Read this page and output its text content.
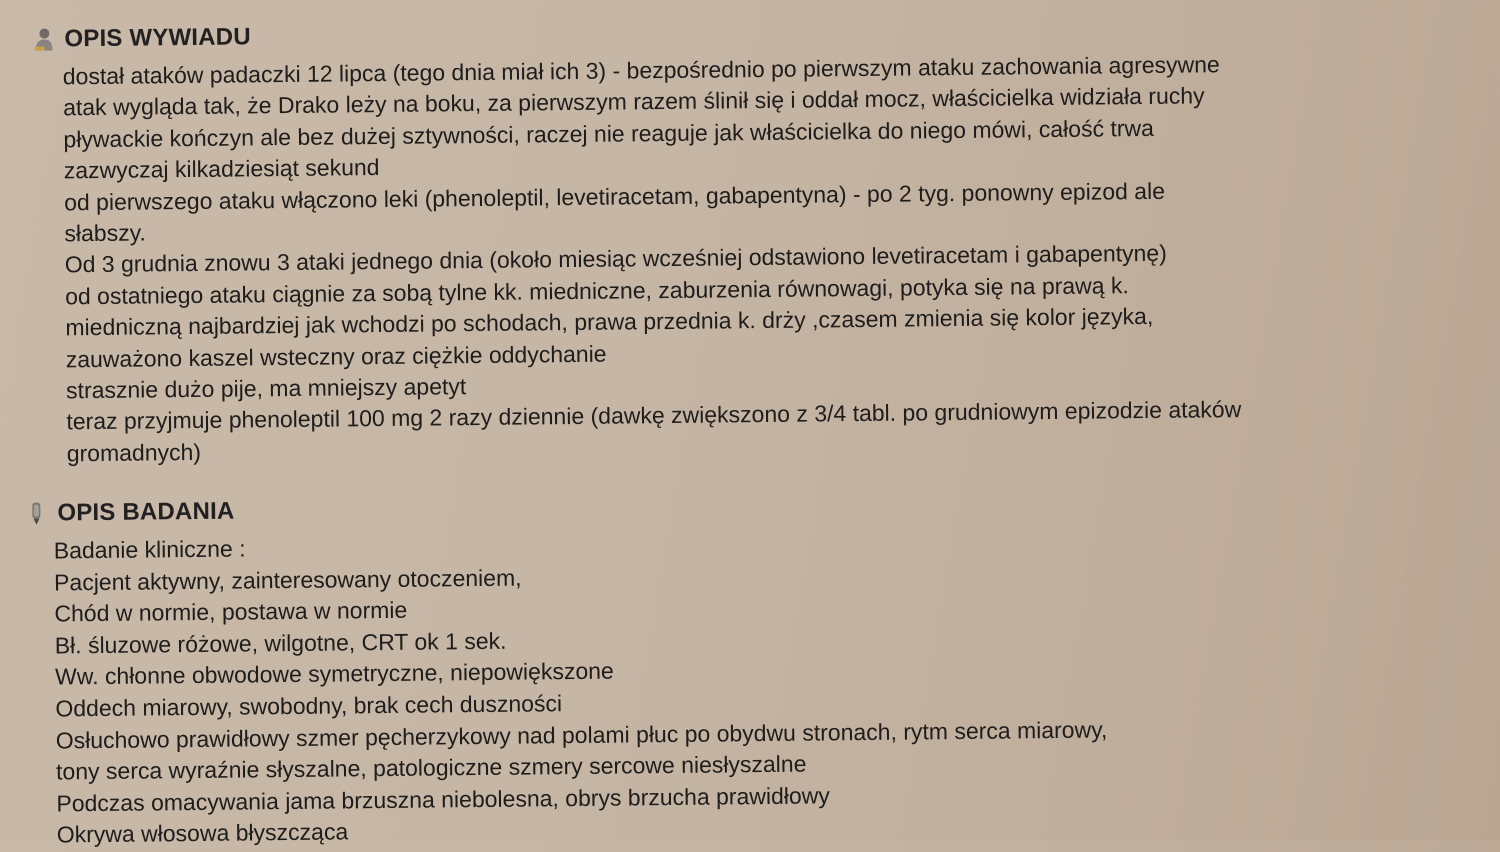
OPIS WYWIADU
dostał ataków padaczki 12 lipca (tego dnia miał ich 3) - bezpośrednio po pierwszym ataku zachowania agresywne
atak wygląda tak, że Drako leży na boku, za pierwszym razem ślinił się i oddał mocz, właścicielka widziała ruchy
pływackie kończyn ale bez dużej sztywności, raczej nie reaguje jak właścicielka do niego mówi, całość trwa
zazwyczaj kilkadziesiąt sekund
od pierwszego ataku włączono leki (phenoleptil, levetiracetam, gabapentyna) - po 2 tyg. ponowny epizod ale
słabszy.
Od 3 grudnia znowu 3 ataki jednego dnia (około miesiąc wcześniej odstawiono levetiracetam i gabapentynę)
od ostatniego ataku ciągnie za sobą tylne kk. miedniczne, zaburzenia równowagi, potyka się na prawą k.
miedniczną najbardziej jak wchodzi po schodach, prawa przednia k. drży ,czasem zmienia się kolor języka,
zauważono kaszel wsteczny oraz ciężkie oddychanie
strasznie dużo pije, ma mniejszy apetyt
teraz przyjmuje phenoleptil 100 mg 2 razy dziennie (dawkę zwiększono z 3/4 tabl. po grudniowym epizodzie ataków
gromadnych)
OPIS BADANIA
Badanie kliniczne :
Pacjent aktywny, zainteresowany otoczeniem,
Chód w normie, postawa w normie
Bł. śluzowe różowe, wilgotne, CRT ok 1 sek.
Ww. chłonne obwodowe symetryczne, niepowiększone
Oddech miarowy, swobodny, brak cech duszności
Osłuchowo prawidłowy szmer pęcherzykowy nad polami płuc po obydwu stronach, rytm serca miarowy,
tony serca wyraźnie słyszalne, patologiczne szmery sercowe niesłyszalne
Podczas omacywania jama brzuszna niebolesna, obrys brzucha prawidłowy
Okrywa włosowa błyszcząca
